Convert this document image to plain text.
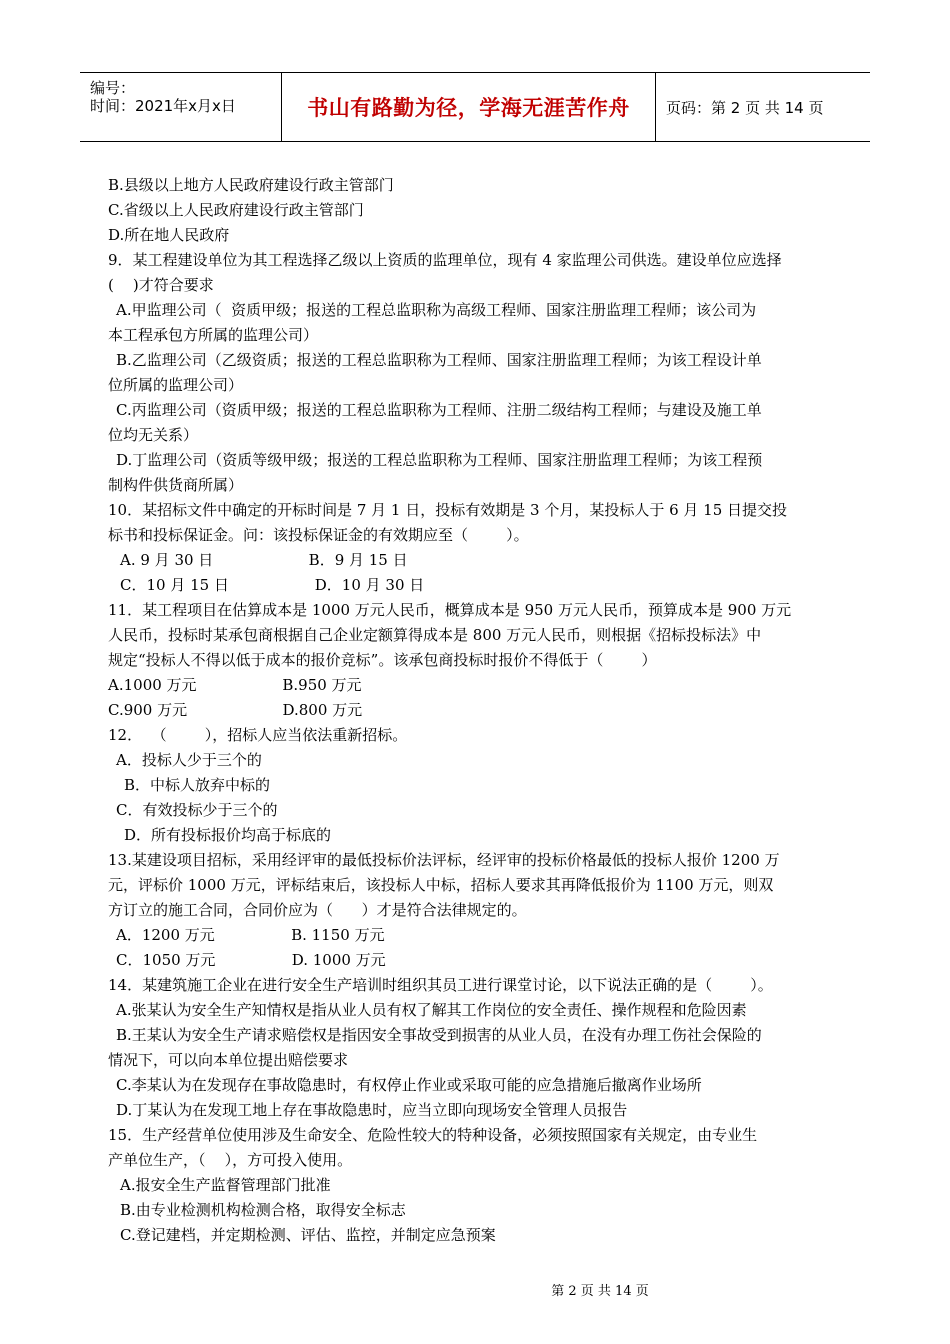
编号：
时间：2021年x月x日	书山有路勤为径，学海无涯苦作舟	页码：第 2 页 共 14 页
B.县级以上地方人民政府建设行政主管部门
C.省级以上人民政府建设行政主管部门
D.所在地人民政府
9．某工程建设单位为其工程选择乙级以上资质的监理单位，现有 4 家监理公司供选。建设单位应选择
(    )才符合要求
A.甲监理公司（  资质甲级；报送的工程总监职称为高级工程师、国家注册监理工程师；该公司为
本工程承包方所属的监理公司）
B.乙监理公司（乙级资质；报送的工程总监职称为工程师、国家注册监理工程师；为该工程设计单
位所属的监理公司）
C.丙监理公司（资质甲级；报送的工程总监职称为工程师、注册二级结构工程师；与建设及施工单
位均无关系）
D.丁监理公司（资质等级甲级；报送的工程总监职称为工程师、国家注册监理工程师；为该工程预
制构件供货商所属）
10．某招标文件中确定的开标时间是 7 月 1 日，投标有效期是 3 个月，某投标人于 6 月 15 日提交投
标书和投标保证金。问：该投标保证金的有效期应至（        ）。
A. 9 月 30 日                    B．9 月 15 日
C．10 月 15 日                  D．10 月 30 日
11．某工程项目在估算成本是 1000 万元人民币，概算成本是 950 万元人民币，预算成本是 900 万元
人民币，投标时某承包商根据自己企业定额算得成本是 800 万元人民币，则根据《招标投标法》中
规定“投标人不得以低于成本的报价竞标”。该承包商投标时报价不得低于（        ）
A.1000 万元                  B.950 万元
C.900 万元                    D.800 万元
12．  （        ），招标人应当依法重新招标。
A．投标人少于三个的
B．中标人放弃中标的
C．有效投标少于三个的
D．所有投标报价均高于标底的
13.某建设项目招标，采用经评审的最低投标价法评标，经评审的投标价格最低的投标人报价 1200 万
元，评标价 1000 万元，评标结束后，该投标人中标，招标人要求其再降低报价为 1100 万元，则双
方订立的施工合同，合同价应为（      ）才是符合法律规定的。
A．1200 万元                B. 1150 万元
C．1050 万元                D. 1000 万元
14．某建筑施工企业在进行安全生产培训时组织其员工进行课堂讨论，以下说法正确的是（        ）。
A.张某认为安全生产知情权是指从业人员有权了解其工作岗位的安全责任、操作规程和危险因素
B.王某认为安全生产请求赔偿权是指因安全事故受到损害的从业人员，在没有办理工伤社会保险的
情况下，可以向本单位提出赔偿要求
C.李某认为在发现存在事故隐患时，有权停止作业或采取可能的应急措施后撤离作业场所
D.丁某认为在发现工地上存在事故隐患时，应当立即向现场安全管理人员报告
15．生产经营单位使用涉及生命安全、危险性较大的特种设备，必须按照国家有关规定，由专业生
产单位生产，（    ），方可投入使用。
A.报安全生产监督管理部门批准
B.由专业检测机构检测合格，取得安全标志
C.登记建档，并定期检测、评估、监控，并制定应急预案
第 2 页 共 14 页
